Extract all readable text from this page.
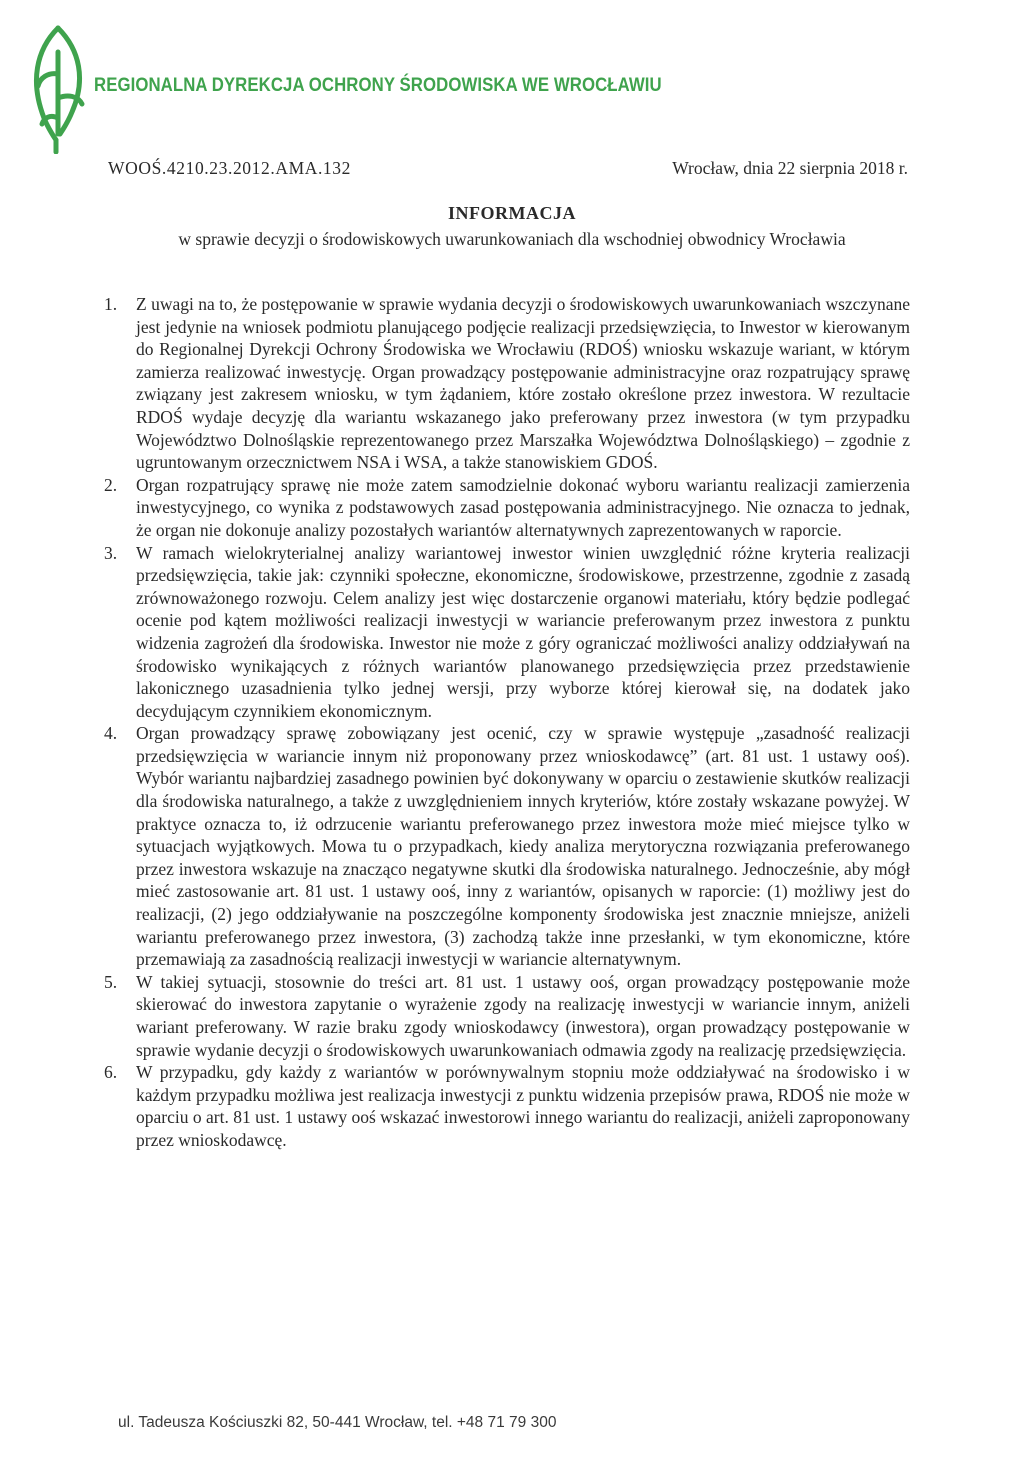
REGIONALNA DYREKCJA OCHRONY ŚRODOWISKA WE WROCŁAWIU
WOOŚ.4210.23.2012.AMA.132	Wrocław, dnia 22 sierpnia 2018 r.
INFORMACJA
w sprawie decyzji o środowiskowych uwarunkowaniach dla wschodniej obwodnicy Wrocławia
1. Z uwagi na to, że postępowanie w sprawie wydania decyzji o środowiskowych uwarunkowaniach wszczynane jest jedynie na wniosek podmiotu planującego podjęcie realizacji przedsięwzięcia, to Inwestor w kierowanym do Regionalnej Dyrekcji Ochrony Środowiska we Wrocławiu (RDOŚ) wniosku wskazuje wariant, w którym zamierza realizować inwestycję. Organ prowadzący postępowanie administracyjne oraz rozpatrujący sprawę związany jest zakresem wniosku, w tym żądaniem, które zostało określone przez inwestora. W rezultacie RDOŚ wydaje decyzję dla wariantu wskazanego jako preferowany przez inwestora (w tym przypadku Województwo Dolnośląskie reprezentowanego przez Marszałka Województwa Dolnośląskiego) – zgodnie z ugruntowanym orzecznictwem NSA i WSA, a także stanowiskiem GDOŚ.
2. Organ rozpatrujący sprawę nie może zatem samodzielnie dokonać wyboru wariantu realizacji zamierzenia inwestycyjnego, co wynika z podstawowych zasad postępowania administracyjnego. Nie oznacza to jednak, że organ nie dokonuje analizy pozostałych wariantów alternatywnych zaprezentowanych w raporcie.
3. W ramach wielokryterialnej analizy wariantowej inwestor winien uwzględnić różne kryteria realizacji przedsięwzięcia, takie jak: czynniki społeczne, ekonomiczne, środowiskowe, przestrzenne, zgodnie z zasadą zrównoważonego rozwoju. Celem analizy jest więc dostarczenie organowi materiału, który będzie podlegać ocenie pod kątem możliwości realizacji inwestycji w wariancie preferowanym przez inwestora z punktu widzenia zagrożeń dla środowiska. Inwestor nie może z góry ograniczać możliwości analizy oddziaływań na środowisko wynikających z różnych wariantów planowanego przedsięwzięcia przez przedstawienie lakonicznego uzasadnienia tylko jednej wersji, przy wyborze której kierował się, na dodatek jako decydującym czynnikiem ekonomicznym.
4. Organ prowadzący sprawę zobowiązany jest ocenić, czy w sprawie występuje „zasadność realizacji przedsięwzięcia w wariancie innym niż proponowany przez wnioskodawcę” (art. 81 ust. 1 ustawy ooś). Wybór wariantu najbardziej zasadnego powinien być dokonywany w oparciu o zestawienie skutków realizacji dla środowiska naturalnego, a także z uwzględnieniem innych kryteriów, które zostały wskazane powyżej. W praktyce oznacza to, iż odrzucenie wariantu preferowanego przez inwestora może mieć miejsce tylko w sytuacjach wyjątkowych. Mowa tu o przypadkach, kiedy analiza merytoryczna rozwiązania preferowanego przez inwestora wskazuje na znacząco negatywne skutki dla środowiska naturalnego. Jednocześnie, aby mógł mieć zastosowanie art. 81 ust. 1 ustawy ooś, inny z wariantów, opisanych w raporcie: (1) możliwy jest do realizacji, (2) jego oddziaływanie na poszczególne komponenty środowiska jest znacznie mniejsze, aniżeli wariantu preferowanego przez inwestora, (3) zachodzą także inne przesłanki, w tym ekonomiczne, które przemawiają za zasadnością realizacji inwestycji w wariancie alternatywnym.
5. W takiej sytuacji, stosownie do treści art. 81 ust. 1 ustawy ooś, organ prowadzący postępowanie może skierować do inwestora zapytanie o wyrażenie zgody na realizację inwestycji w wariancie innym, aniżeli wariant preferowany. W razie braku zgody wnioskodawcy (inwestora), organ prowadzący postępowanie w sprawie wydanie decyzji o środowiskowych uwarunkowaniach odmawia zgody na realizację przedsięwzięcia.
6. W przypadku, gdy każdy z wariantów w porównywalnym stopniu może oddziaływać na środowisko i w każdym przypadku możliwa jest realizacja inwestycji z punktu widzenia przepisów prawa, RDOŚ nie może w oparciu o art. 81 ust. 1 ustawy ooś wskazać inwestorowi innego wariantu do realizacji, aniżeli zaproponowany przez wnioskodawcę.
ul. Tadeusza Kościuszki 82, 50-441 Wrocław, tel. +48 71 79 300
